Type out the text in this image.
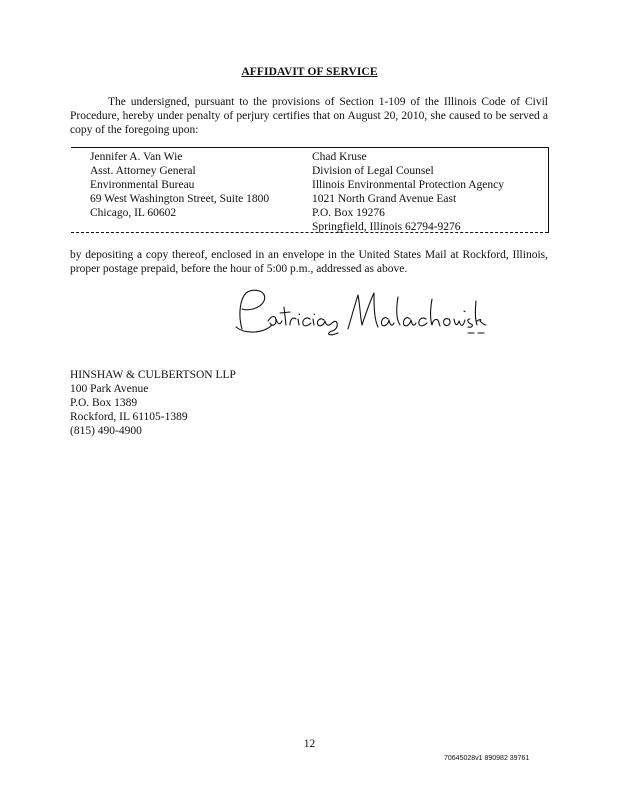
AFFIDAVIT OF SERVICE
The undersigned, pursuant to the provisions of Section 1-109 of the Illinois Code of Civil Procedure, hereby under penalty of perjury certifies that on August 20, 2010, she caused to be served a copy of the foregoing upon:
Jennifer A. Van Wie
Asst. Attorney General
Environmental Bureau
69 West Washington Street, Suite 1800
Chicago, IL 60602
Chad Kruse
Division of Legal Counsel
Illinois Environmental Protection Agency
1021 North Grand Avenue East
P.O. Box 19276
Springfield, Illinois 62794-9276
by depositing a copy thereof, enclosed in an envelope in the United States Mail at Rockford, Illinois, proper postage prepaid, before the hour of 5:00 p.m., addressed as above.
HINSHAW & CULBERTSON LLP
100 Park Avenue
P.O. Box 1389
Rockford, IL 61105-1389
(815) 490-4900
12
70645028v1 890982 39761
